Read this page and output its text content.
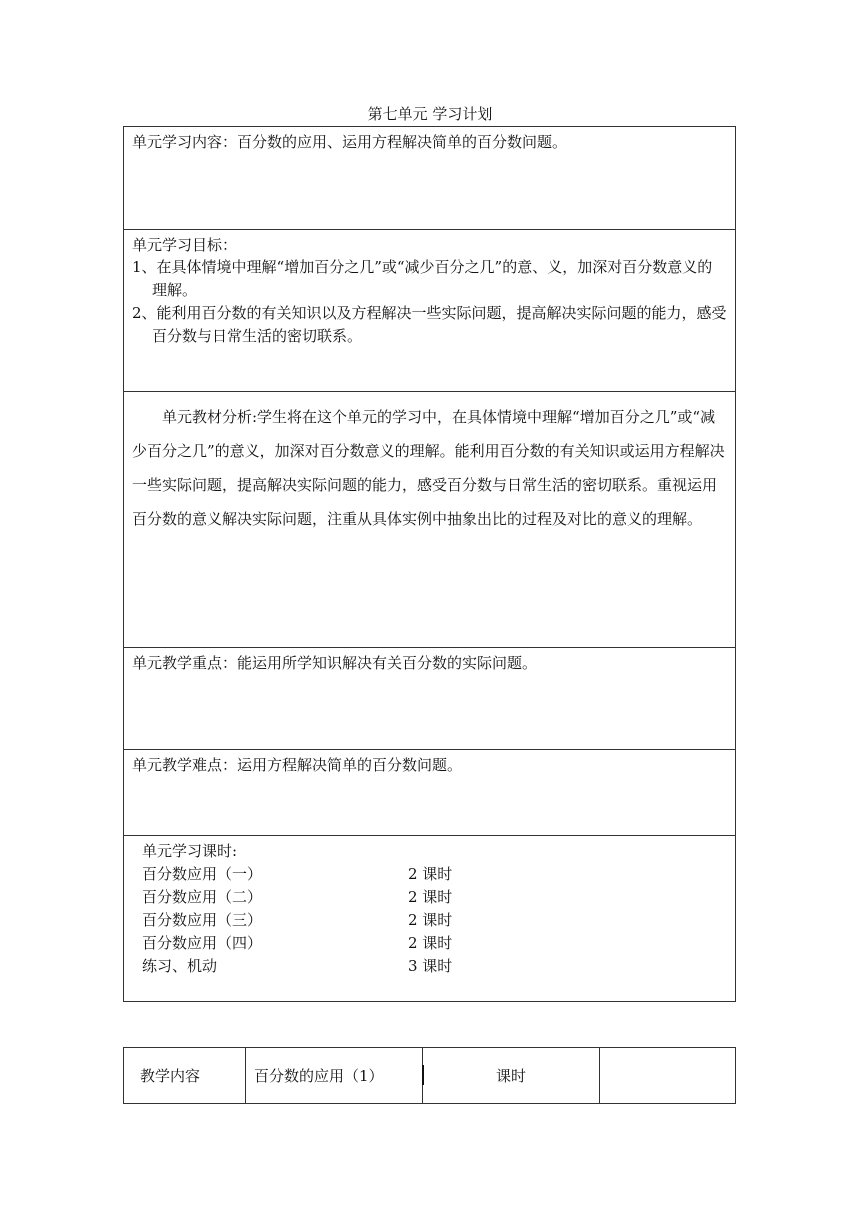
第七单元 学习计划
单元学习内容：百分数的应用、运用方程解决简单的百分数问题。
单元学习目标：
1、在具体情境中理解“增加百分之几”或“减少百分之几”的意、义，加深对百分数意义的理解。
2、能利用百分数的有关知识以及方程解决一些实际问题，提高解决实际问题的能力，感受百分数与日常生活的密切联系。

单元教材分析:学生将在这个单元的学习中，在具体情境中理解“增加百分之几”或“减少百分之几”的意义，加深对百分数意义的理解。能利用百分数的有关知识或运用方程解决一些实际问题，提高解决实际问题的能力，感受百分数与日常生活的密切联系。重视运用百分数的意义解决实际问题，注重从具体实例中抽象出比的过程及对比的意义的理解。

单元教学重点：能运用所学知识解决有关百分数的实际问题。
单元教学难点：运用方程解决简单的百分数问题。
单元学习课时:
百分数应用（一）	2 课时
百分数应用（二）	2 课时
百分数应用（三）	2 课时
百分数应用（四）	2 课时
练习、机动	3 课时
教学内容	百分数的应用（1）	课时
